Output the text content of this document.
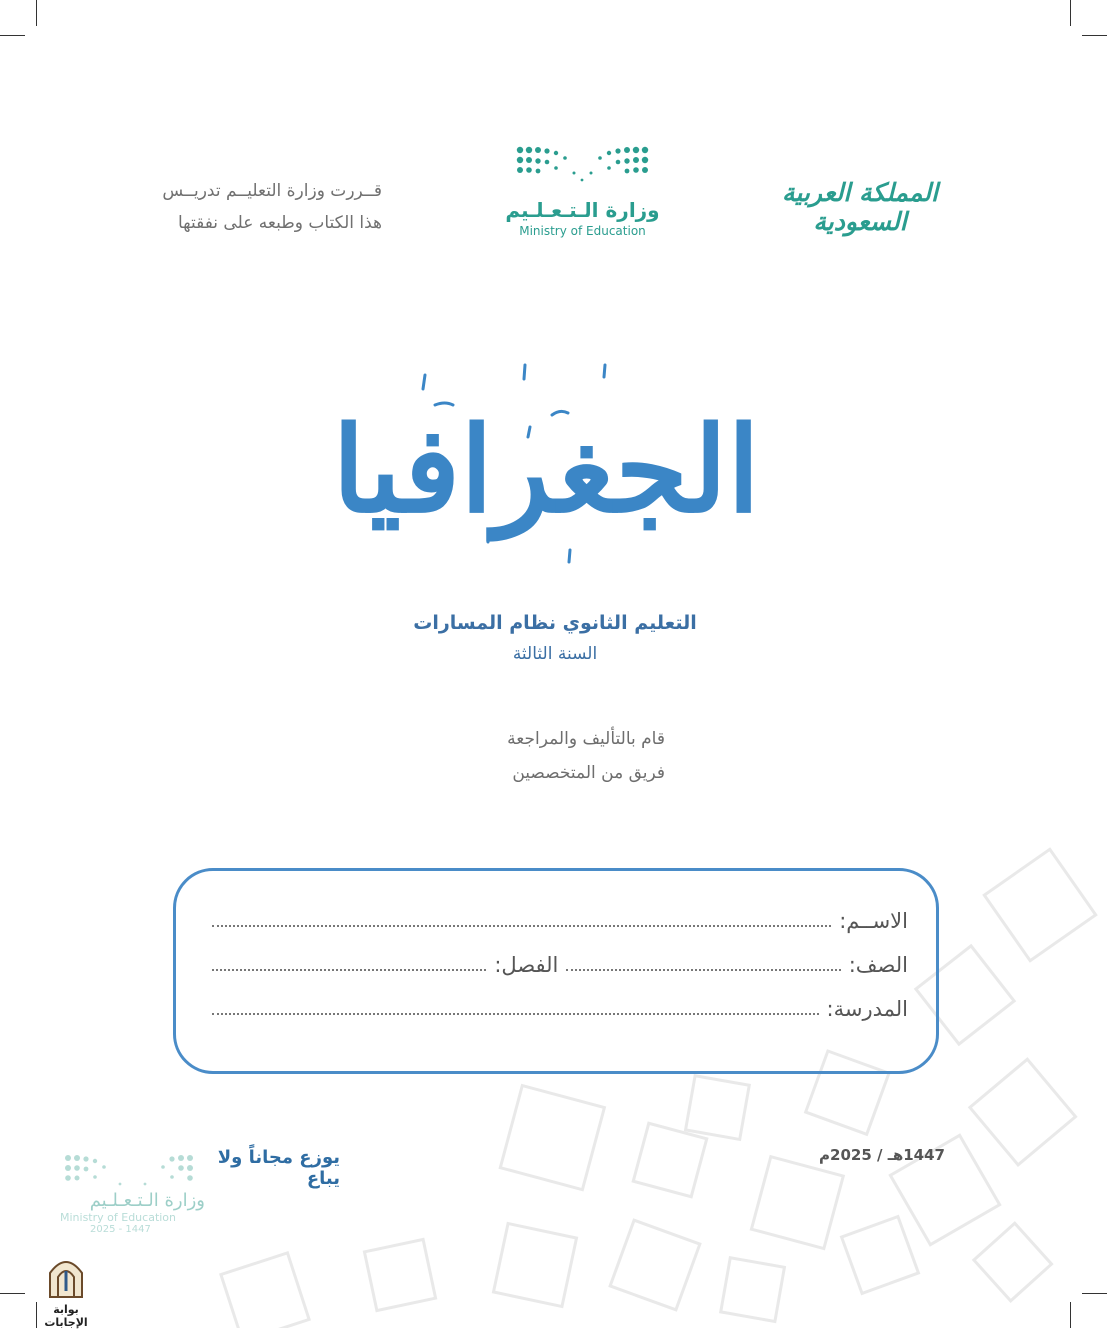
قــررت وزارة التعليــم تدريــس
هذا الكتاب وطبعه على نفقتها
وزارة الـتـعـلـيم
Ministry of Education
المملكة العربية السعودية
الجغرافيا
التعليم الثانوي نظام المسارات
السنة الثالثة
قام بالتأليف والمراجعة
فريق من المتخصصين
الاســم:
الصف:
الفصل:
المدرسة:
1447هـ / 2025م
يوزع مجاناً ولا يباع
وزارة الـتـعـلـيم
Ministry of Education
2025 - 1447
بوابة الإجابات
